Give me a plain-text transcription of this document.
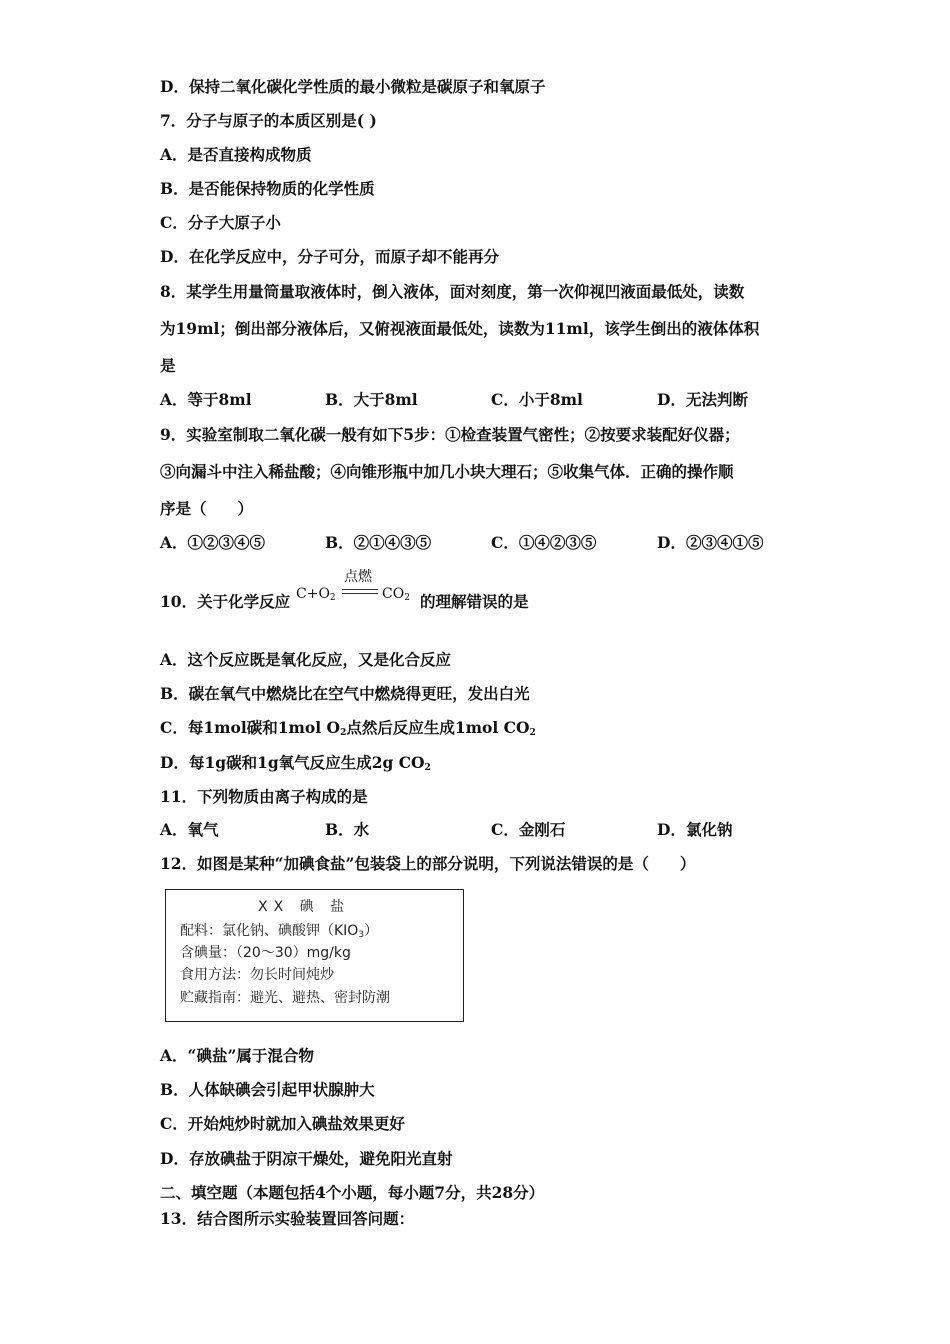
D．保持二氧化碳化学性质的最小微粒是碳原子和氧原子
7．分子与原子的本质区别是( )
A．是否直接构成物质
B．是否能保持物质的化学性质
C．分子大原子小
D．在化学反应中，分子可分，而原子却不能再分
8．某学生用量筒量取液体时，倒入液体，面对刻度，第一次仰视凹液面最低处，读数
为19ml；倒出部分液体后，又俯视液面最低处，读数为11ml，该学生倒出的液体体积
是
A．等于8ml	B．大于8ml	C．小于8ml	D．无法判断
9．实验室制取二氧化碳一般有如下5步：①检查装置气密性；②按要求装配好仪器；
③向漏斗中注入稀盐酸；④向锥形瓶中加几小块大理石；⑤收集气体．正确的操作顺
序是（　　）
A．①②③④⑤	B．②①④③⑤	C．①④②③⑤	D．②③④①⑤
10．关于化学反应 $C+O_2$
点燃
$CO_2$ 的理解错误的是
A．这个反应既是氧化反应，又是化合反应
B．碳在氧气中燃烧比在空气中燃烧得更旺，发出白光
C．每1mol碳和1mol $O_2$点然后反应生成1mol $CO_2$
D．每1g碳和1g氧气反应生成2g $CO_2$
11．下列物质由离子构成的是
A．氧气	B．水	C．金刚石	D．氯化钠
12．如图是某种“加碘食盐”包装袋上的部分说明，下列说法错误的是（　　）
XX 碘 盐
配料：氯化钠、碘酸钾$(KIO_3)$
含碘量：（20～30）mg/kg
食用方法：勿长时间炖炒
贮藏指南：避光、避热、密封防潮
A．“碘盐”属于混合物
B．人体缺碘会引起甲状腺肿大
C．开始炖炒时就加入碘盐效果更好
D．存放碘盐于阴凉干燥处，避免阳光直射
二、填空题（本题包括4个小题，每小题7分，共28分）
13．结合图所示实验装置回答问题：
